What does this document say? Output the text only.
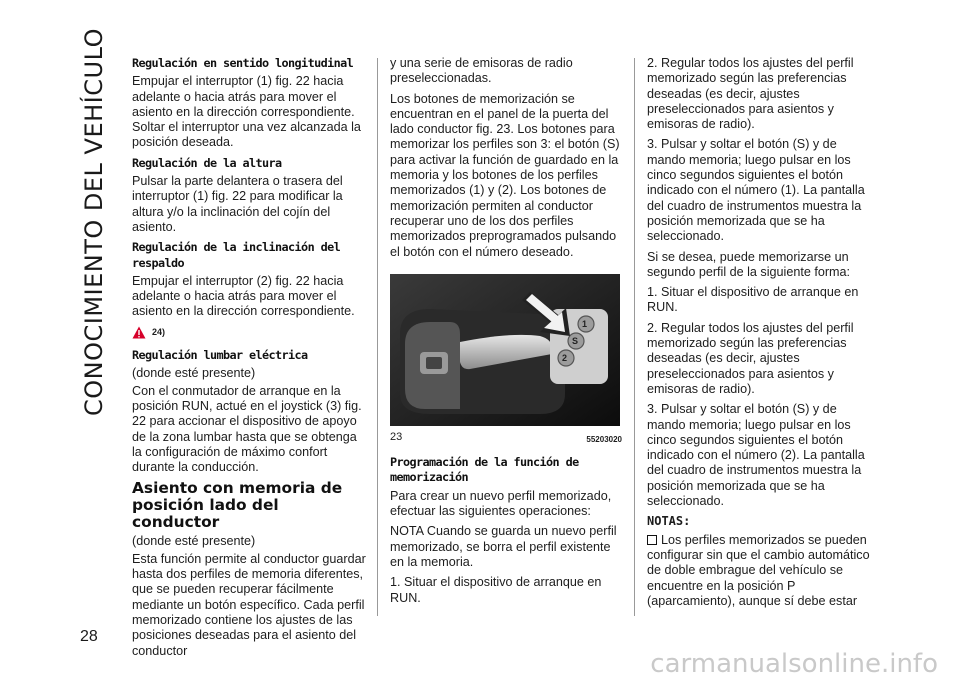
CONOCIMIENTO DEL VEHÍCULO
28
Regulación en sentido longitudinal

Empujar el interruptor (1) fig. 22 hacia adelante o hacia atrás para mover el asiento en la dirección correspondiente. Soltar el interruptor una vez alcanzada la posición deseada.

Regulación de la altura

Pulsar la parte delantera o trasera del interruptor (1) fig. 22 para modificar la altura y/o la inclinación del cojín del asiento.

Regulación de la inclinación del respaldo

Empujar el interruptor (2) fig. 22 hacia adelante o hacia atrás para mover el asiento en la dirección correspondiente.

24)
Regulación lumbar eléctrica

(donde esté presente)

Con el conmutador de arranque en la posición RUN, actué en el joystick (3) fig. 22 para accionar el dispositivo de apoyo de la zona lumbar hasta que se obtenga la configuración de máximo confort durante la conducción.

Asiento con memoria de posición lado del conductor

(donde esté presente)

Esta función permite al conductor guardar hasta dos perfiles de memoria diferentes, que se pueden recuperar fácilmente mediante un botón específico. Cada perfil memorizado contiene los ajustes de las posiciones deseadas para el asiento del conductor

y una serie de emisoras de radio preseleccionadas.

Los botones de memorización se encuentran en el panel de la puerta del lado conductor fig. 23. Los botones para memorizar los perfiles son 3: el botón (S) para activar la función de guardado en la memoria y los botones de los perfiles memorizados (1) y (2). Los botones de memorización permiten al conductor recuperar uno de los dos perfiles memorizados preprogramados pulsando el botón con el número deseado.

1
S
2
23	55203020
Programación de la función de memorización

Para crear un nuevo perfil memorizado, efectuar las siguientes operaciones:

NOTA Cuando se guarda un nuevo perfil memorizado, se borra el perfil existente en la memoria.

1. Situar el dispositivo de arranque en RUN.

2. Regular todos los ajustes del perfil memorizado según las preferencias deseadas (es decir, ajustes preseleccionados para asientos y emisoras de radio).

3. Pulsar y soltar el botón (S) y de mando memoria; luego pulsar en los cinco segundos siguientes el botón indicado con el número (1). La pantalla del cuadro de instrumentos muestra la posición memorizada que se ha seleccionado.

Si se desea, puede memorizarse un segundo perfil de la siguiente forma:

1. Situar el dispositivo de arranque en RUN.

2. Regular todos los ajustes del perfil memorizado según las preferencias deseadas (es decir, ajustes preseleccionados para asientos y emisoras de radio).

3. Pulsar y soltar el botón (S) y de mando memoria; luego pulsar en los cinco segundos siguientes el botón indicado con el número (2). La pantalla del cuadro de instrumentos muestra la posición memorizada que se ha seleccionado.

NOTAS:

Los perfiles memorizados se pueden configurar sin que el cambio automático de doble embrague del vehículo se encuentre en la posición P (aparcamiento), aunque sí debe estar

carmanualsonline.info
